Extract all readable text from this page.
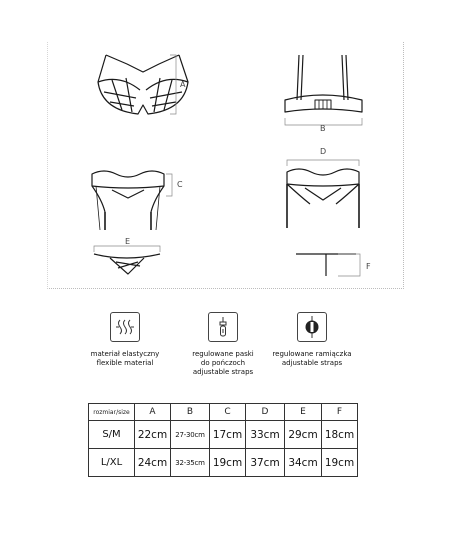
A
B
C
D
E
F
materiał elastyczny
flexible material
regulowane paski
do pończoch
adjustable straps
regulowane ramiączka
adjustable straps
rozmiar/size	A	B	C	D	E	F
S/M	22cm	27-30cm	17cm	33cm	29cm	18cm
L/XL	24cm	32-35cm	19cm	37cm	34cm	19cm
